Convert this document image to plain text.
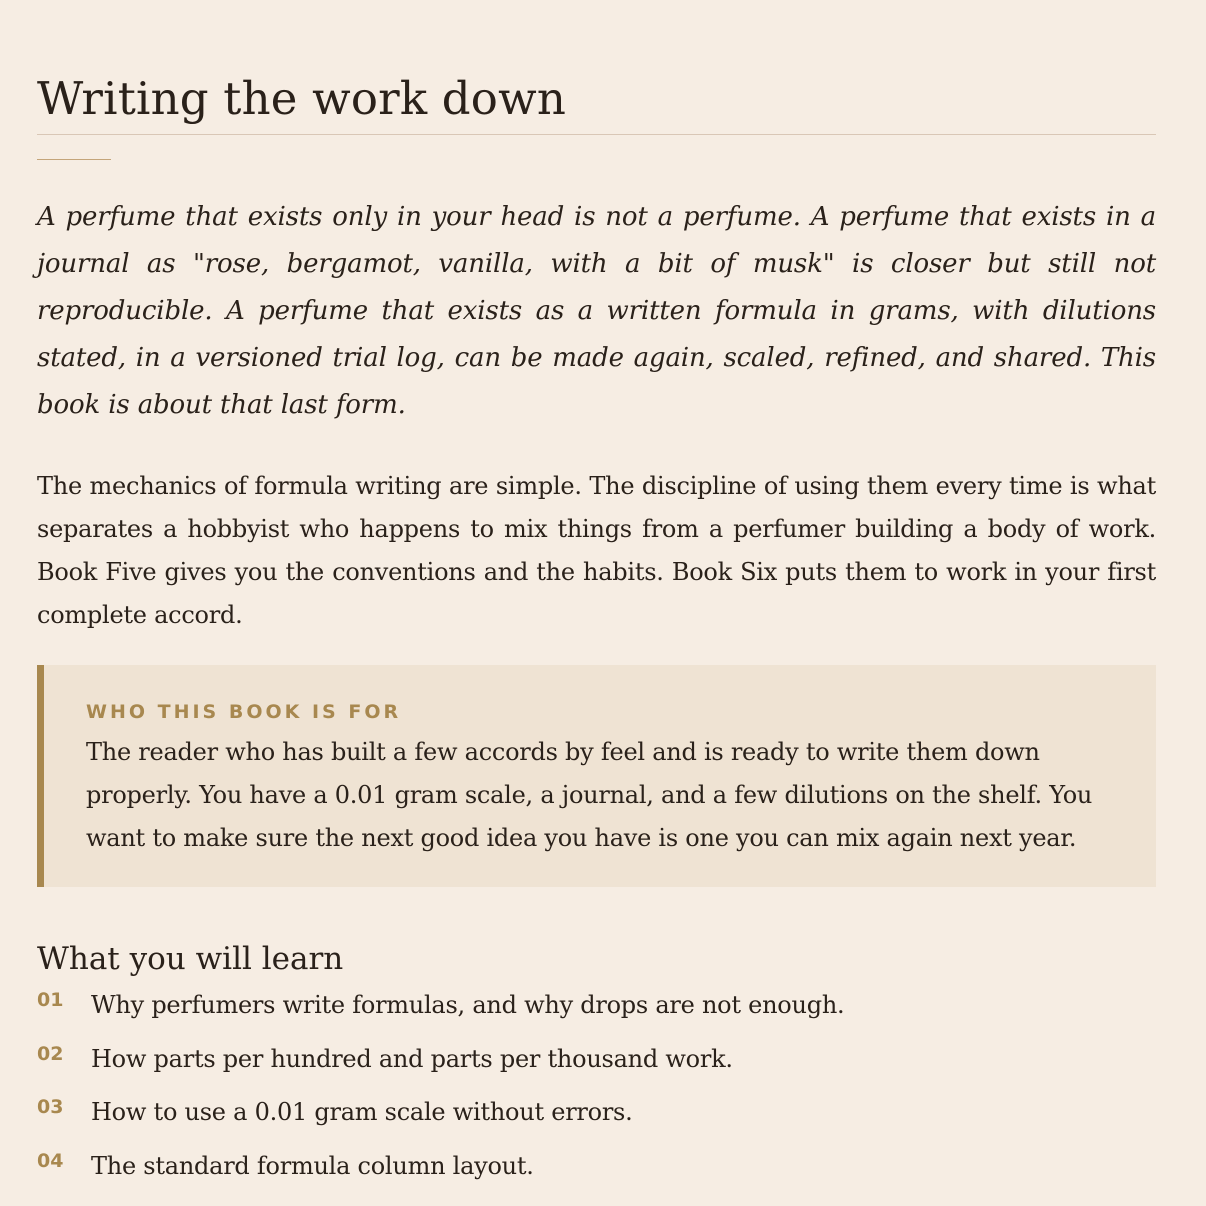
Writing the work down

A perfume that exists only in your head is not a perfume. A perfume that exists in a journal as "rose, bergamot, vanilla, with a bit of musk" is closer but still not reproducible. A perfume that exists as a written formula in grams, with dilutions stated, in a versioned trial log, can be made again, scaled, refined, and shared. This book is about that last form.

The mechanics of formula writing are simple. The discipline of using them every time is what separates a hobbyist who happens to mix things from a perfumer building a body of work. Book Five gives you the conventions and the habits. Book Six puts them to work in your first complete accord.

WHO THIS BOOK IS FOR

The reader who has built a few accords by feel and is ready to write them down properly. You have a 0.01 gram scale, a journal, and a few dilutions on the shelf. You want to make sure the next good idea you have is one you can mix again next year.

What you will learn
01	Why perfumers write formulas, and why drops are not enough.
02	How parts per hundred and parts per thousand work.
03	How to use a 0.01 gram scale without errors.
04	The standard formula column layout.
